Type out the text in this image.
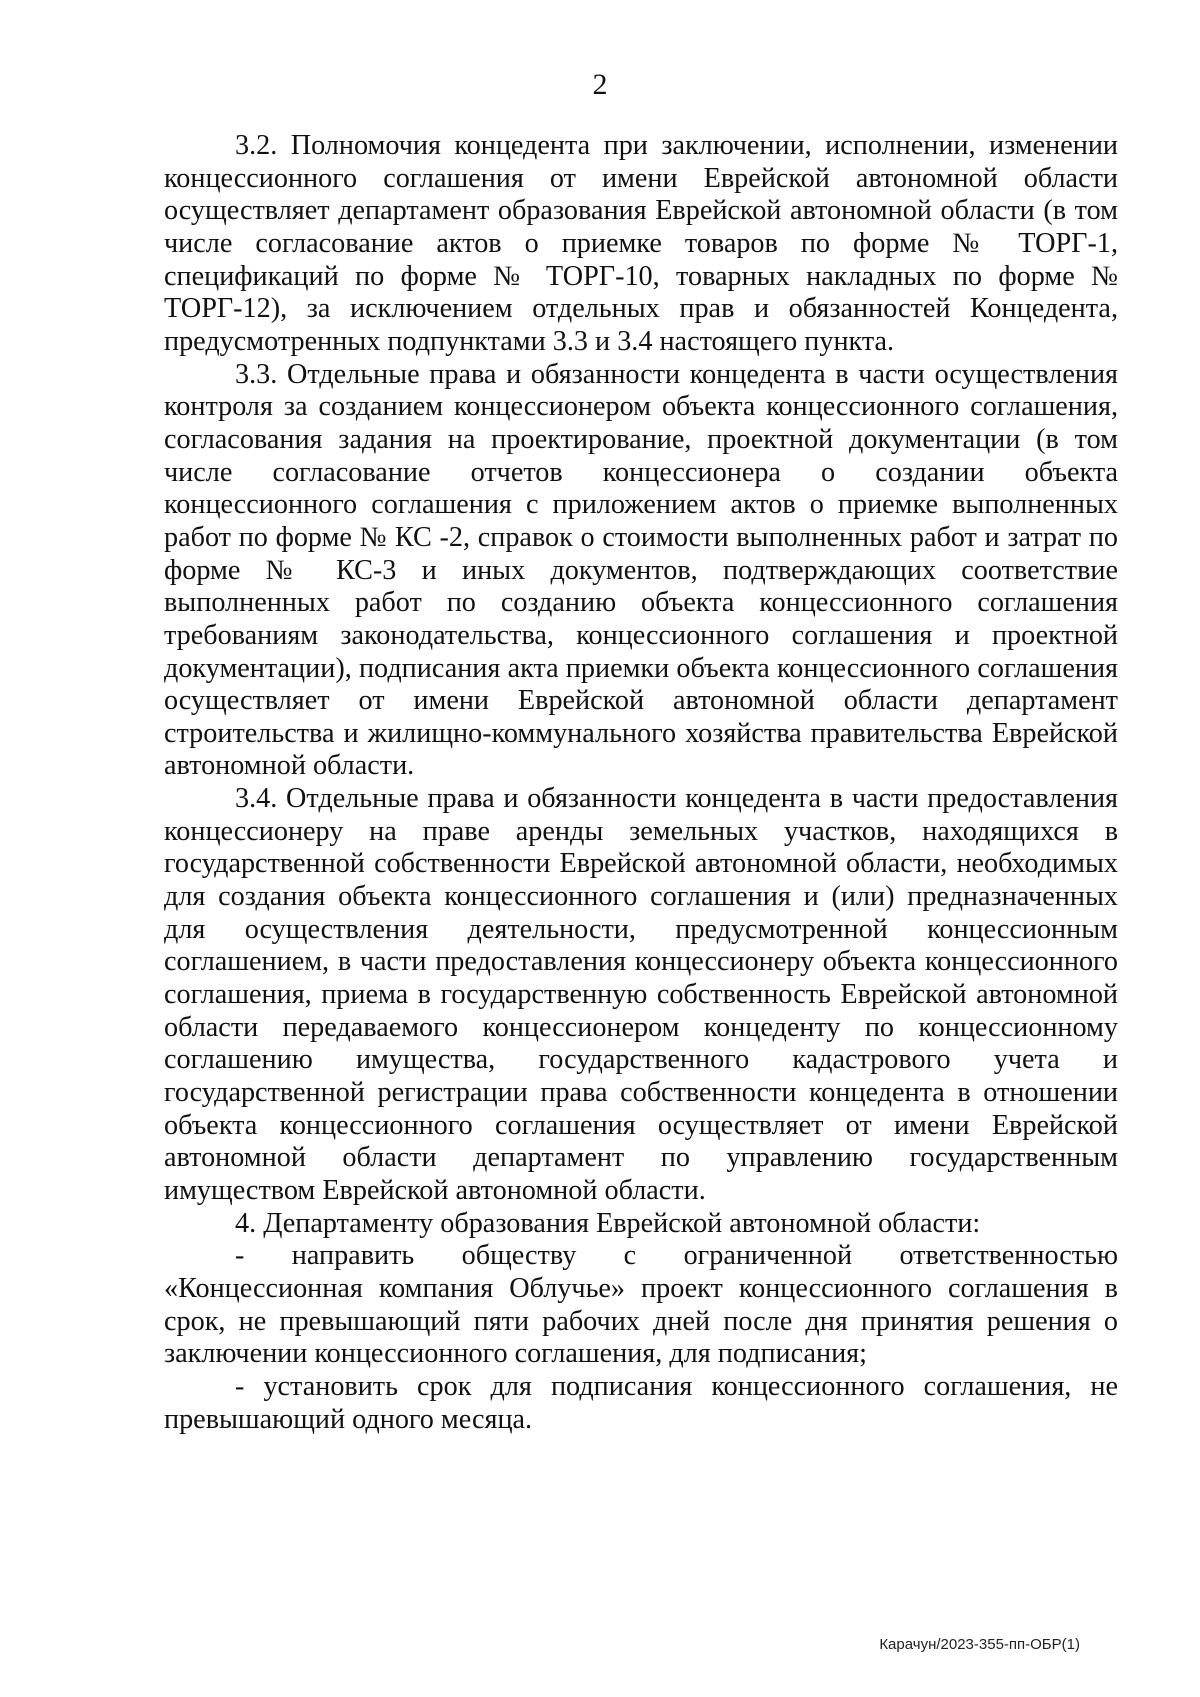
2

3.2. Полномочия концедента при заключении, исполнении, изменении концессионного соглашения от имени Еврейской автономной области осуществляет департамент образования Еврейской автономной области (в том числе согласование актов о приемке товаров по форме № ТОРГ-1, спецификаций по форме № ТОРГ-10, товарных накладных по форме № ТОРГ-12), за исключением отдельных прав и обязанностей Концедента, предусмотренных подпунктами 3.3 и 3.4 настоящего пункта.

3.3. Отдельные права и обязанности концедента в части осуществления контроля за созданием концессионером объекта концессионного соглашения, согласования задания на проектирование, проектной документации (в том числе согласование отчетов концессионера о создании объекта концессионного соглашения с приложением актов о приемке выполненных работ по форме № КС -2, справок о стоимости выполненных работ и затрат по форме № КС-3 и иных документов, подтверждающих соответствие выполненных работ по созданию объекта концессионного соглашения требованиям законодательства, концессионного соглашения и проектной документации), подписания акта приемки объекта концессионного соглашения осуществляет от имени Еврейской автономной области департамент строительства и жилищно-коммунального хозяйства правительства Еврейской автономной области.

3.4. Отдельные права и обязанности концедента в части предоставления концессионеру на праве аренды земельных участков, находящихся в государственной собственности Еврейской автономной области, необходимых для создания объекта концессионного соглашения и (или) предназначенных для осуществления деятельности, предусмотренной концессионным соглашением, в части предоставления концессионеру объекта концессионного соглашения, приема в государственную собственность Еврейской автономной области передаваемого концессионером концеденту по концессионному соглашению имущества, государственного кадастрового учета и государственной регистрации права собственности концедента в отношении объекта концессионного соглашения осуществляет от имени Еврейской автономной области департамент по управлению государственным имуществом Еврейской автономной области.

4. Департаменту образования Еврейской автономной области:

- направить обществу с ограниченной ответственностью «Концессионная компания Облучье» проект концессионного соглашения в срок, не превышающий пяти рабочих дней после дня принятия решения о заключении концессионного соглашения, для подписания;

- установить срок для подписания концессионного соглашения, не превышающий одного месяца.

Карачун/2023-355-пп-ОБР(1)
